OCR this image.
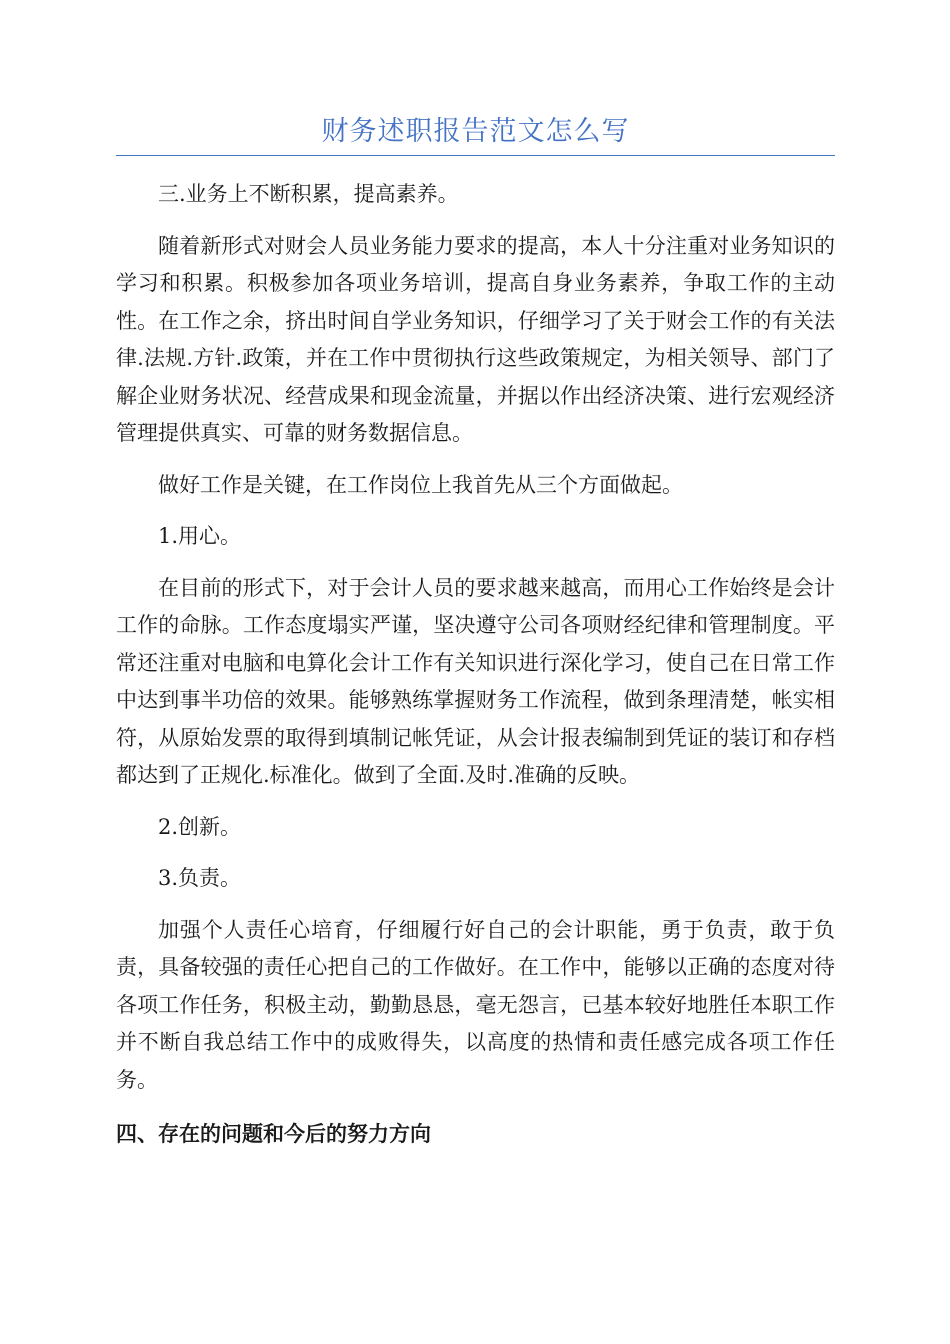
财务述职报告范文怎么写

三.业务上不断积累，提高素养。

随着新形式对财会人员业务能力要求的提高，本人十分注重对业务知识的学习和积累。积极参加各项业务培训，提高自身业务素养，争取工作的主动性。在工作之余，挤出时间自学业务知识，仔细学习了关于财会工作的有关法律.法规.方针.政策，并在工作中贯彻执行这些政策规定，为相关领导、部门了解企业财务状况、经营成果和现金流量，并据以作出经济决策、进行宏观经济管理提供真实、可靠的财务数据信息。

做好工作是关键，在工作岗位上我首先从三个方面做起。

1.用心。

在目前的形式下，对于会计人员的要求越来越高，而用心工作始终是会计工作的命脉。工作态度塌实严谨，坚决遵守公司各项财经纪律和管理制度。平常还注重对电脑和电算化会计工作有关知识进行深化学习，使自己在日常工作中达到事半功倍的效果。能够熟练掌握财务工作流程，做到条理清楚，帐实相符，从原始发票的取得到填制记帐凭证，从会计报表编制到凭证的装订和存档都达到了正规化.标准化。做到了全面.及时.准确的反映。

2.创新。

3.负责。

加强个人责任心培育，仔细履行好自己的会计职能，勇于负责，敢于负责，具备较强的责任心把自己的工作做好。在工作中，能够以正确的态度对待各项工作任务，积极主动，勤勤恳恳，毫无怨言，已基本较好地胜任本职工作并不断自我总结工作中的成败得失，以高度的热情和责任感完成各项工作任务。

四、存在的问题和今后的努力方向
